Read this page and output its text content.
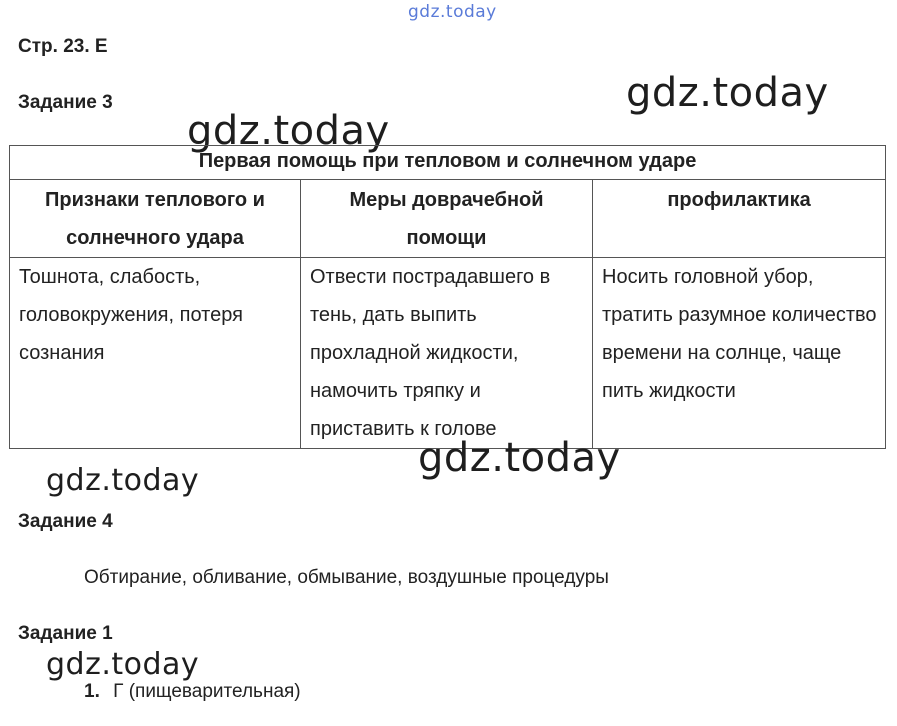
gdz.today
Стр. 23. Е
gdz.today
Задание 3
gdz.today
Первая помощь при тепловом и солнечном ударе		
Признаки теплового и солнечного удара	Меры доврачебной помощи	профилактика
Тошнота, слабость, головокружения, потеря сознания	Отвести пострадавшего в тень, дать выпить прохладной жидкости, намочить тряпку и приставить к голове	Носить головной убор, тратить разумное количество времени на солнце, чаще пить жидкости
gdz.today
gdz.today
Задание 4
Обтирание, обливание, обмывание, воздушные процедуры
Задание 1
gdz.today
1. Г (пищеварительная)
